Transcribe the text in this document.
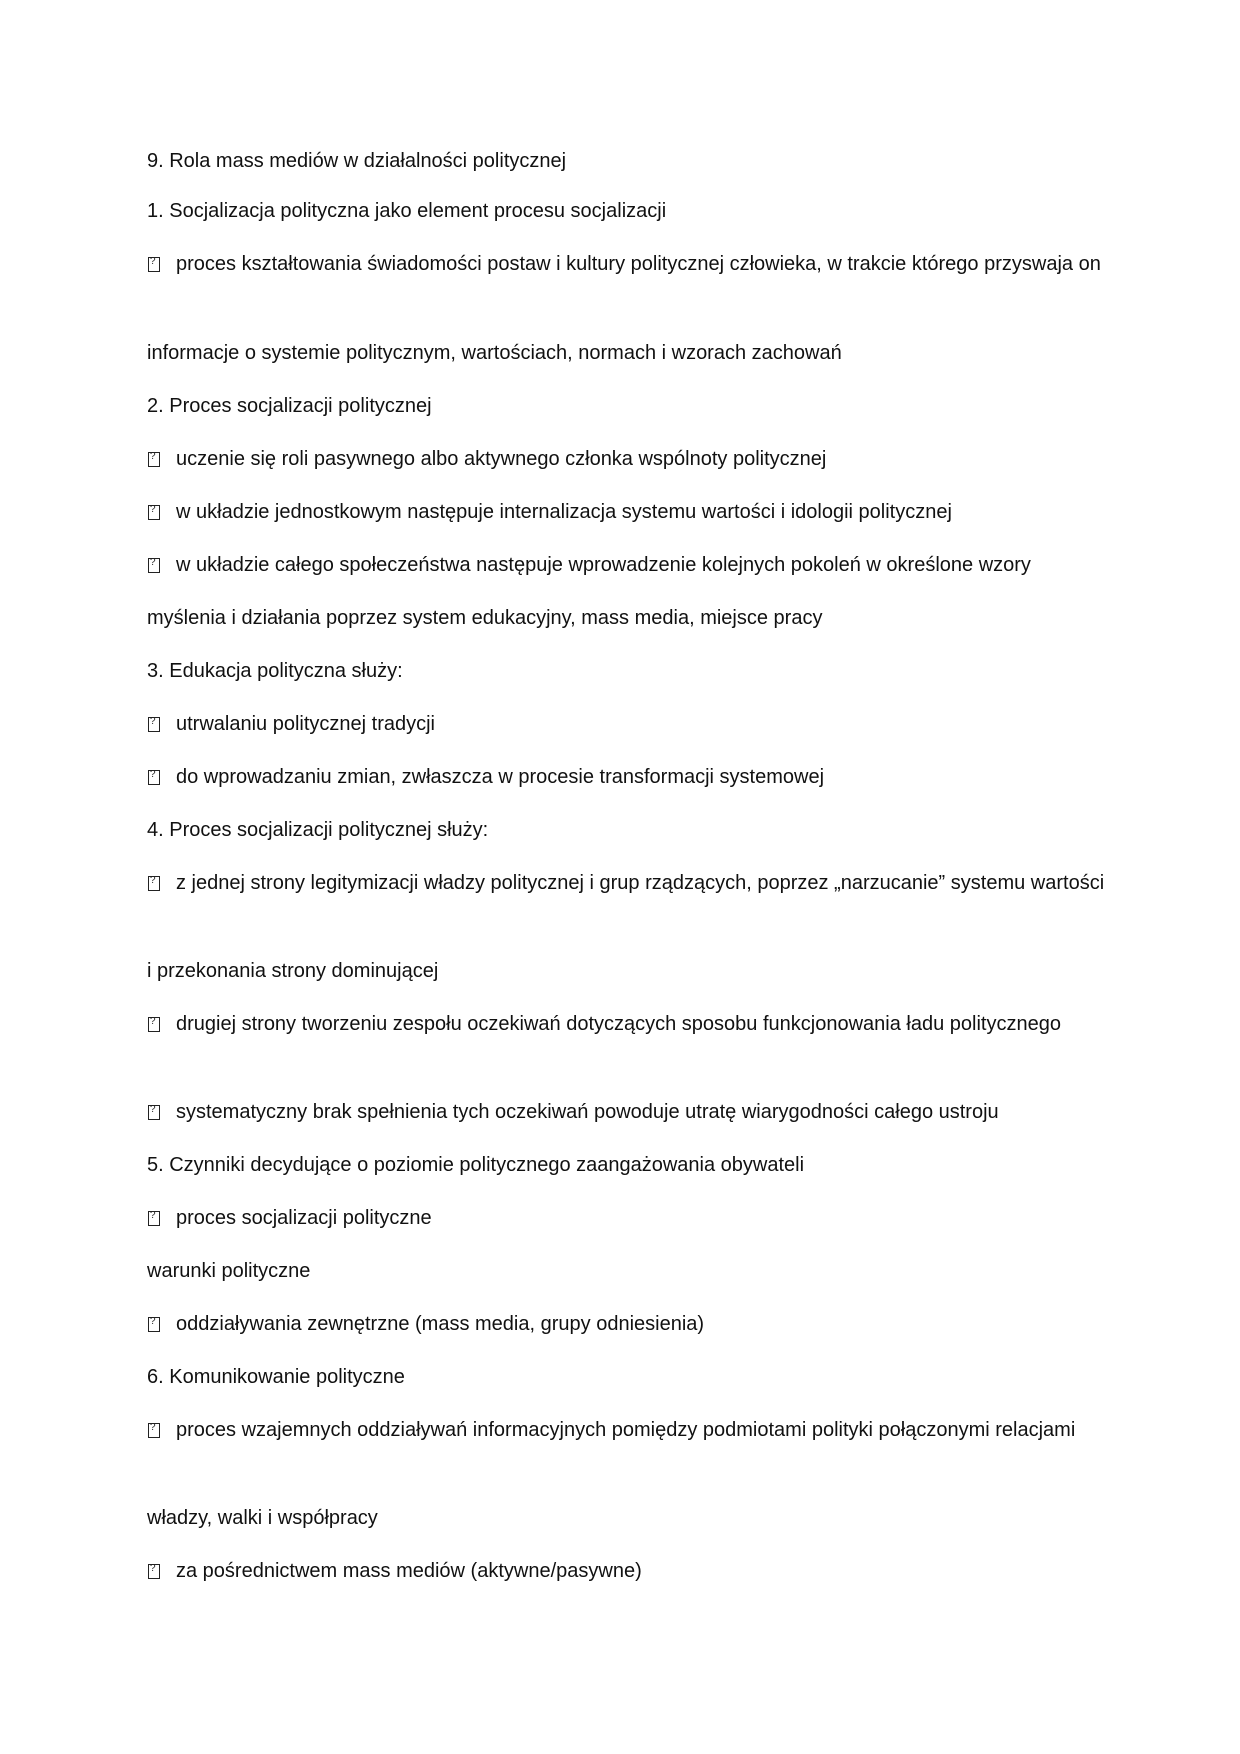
9. Rola mass mediów w działalności politycznej

1. Socjalizacja polityczna jako element procesu socjalizacji

?proces kształtowania świadomości postaw i kultury politycznej człowieka, w trakcie którego przyswaja on

informacje o systemie politycznym, wartościach, normach i wzorach zachowań

2. Proces socjalizacji politycznej

?uczenie się roli pasywnego albo aktywnego członka wspólnoty politycznej

?w układzie jednostkowym następuje internalizacja systemu wartości i idologii politycznej

?w układzie całego społeczeństwa następuje wprowadzenie kolejnych pokoleń w określone wzory

myślenia i działania poprzez system edukacyjny, mass media, miejsce pracy

3. Edukacja polityczna służy:

?utrwalaniu politycznej tradycji

?do wprowadzaniu zmian, zwłaszcza w procesie transformacji systemowej

4. Proces socjalizacji politycznej służy:

?z jednej strony legitymizacji władzy politycznej i grup rządzących, poprzez „narzucanie” systemu wartości

i przekonania strony dominującej

?drugiej strony tworzeniu zespołu oczekiwań dotyczących sposobu funkcjonowania ładu politycznego

?systematyczny brak spełnienia tych oczekiwań powoduje utratę wiarygodności całego ustroju

5. Czynniki decydujące o poziomie politycznego zaangażowania obywateli

?proces socjalizacji polityczne

warunki polityczne

?oddziaływania zewnętrzne (mass media, grupy odniesienia)

6. Komunikowanie polityczne

?proces wzajemnych oddziaływań informacyjnych pomiędzy podmiotami polityki połączonymi relacjami

władzy, walki i współpracy

?za pośrednictwem mass mediów (aktywne/pasywne)
